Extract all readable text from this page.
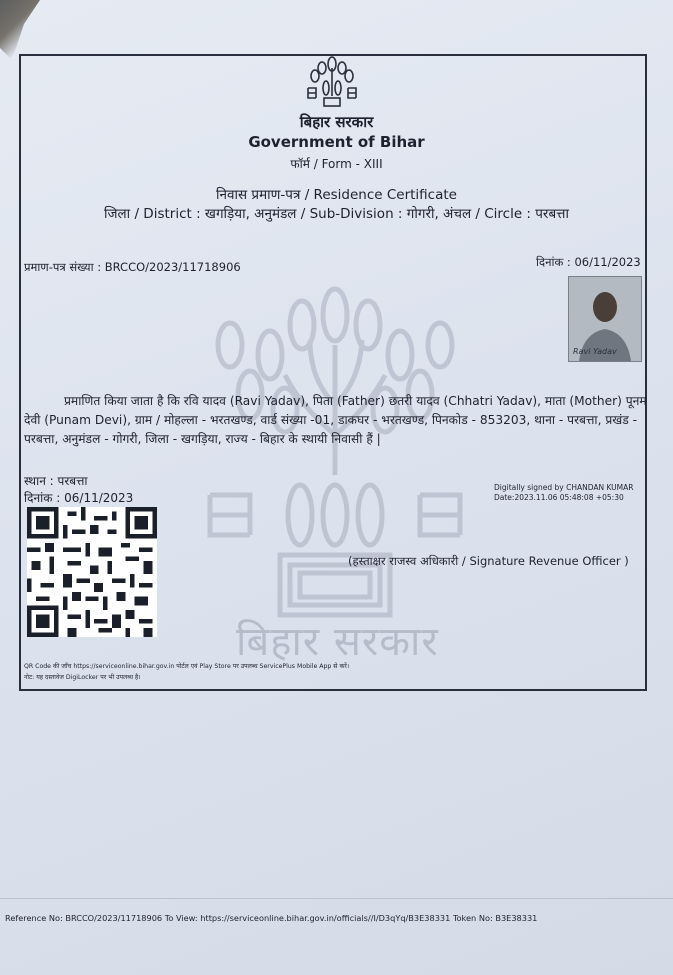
बिहार सरकार
बिहार सरकार
Government of Bihar
फॉर्म / Form - XIII
निवास प्रमाण-पत्र / Residence Certificate
जिला / District : खगड़िया, अनुमंडल / Sub-Division : गोगरी, अंचल / Circle : परबत्ता
प्रमाण-पत्र संख्या : BRCCO/2023/11718906	दिनांक : 06/11/2023
Ravi Yadav
प्रमाणित किया जाता है कि रवि यादव (Ravi Yadav), पिता (Father) छतरी यादव (Chhatri Yadav), माता (Mother) पूनम
देवी (Punam Devi), ग्राम / मोहल्ला - भरतखण्ड, वार्ड संख्या -01, डाकघर - भरतखण्ड, पिनकोड - 853203, थाना - परबत्ता, प्रखंड -
परबत्ता, अनुमंडल - गोगरी, जिला - खगड़िया, राज्य - बिहार के स्थायी निवासी हैं |
स्थान : परबत्ता
दिनांक : 06/11/2023
Digitally signed by CHANDAN KUMAR
Date:2023.11.06 05:48:08 +05:30
(हस्ताक्षर राजस्व अधिकारी / Signature Revenue Officer )
QR Code की जाँच https://serviceonline.bihar.gov.in पोर्टल एवं Play Store पर उपलब्ध ServicePlus Mobile App से करें।
नोट: यह दस्तावेज DigiLocker पर भी उपलब्ध है।
Reference No: BRCCO/2023/11718906 To View: https://serviceonline.bihar.gov.in/officials//I/D3qYq/B3E38331 Token No: B3E38331
